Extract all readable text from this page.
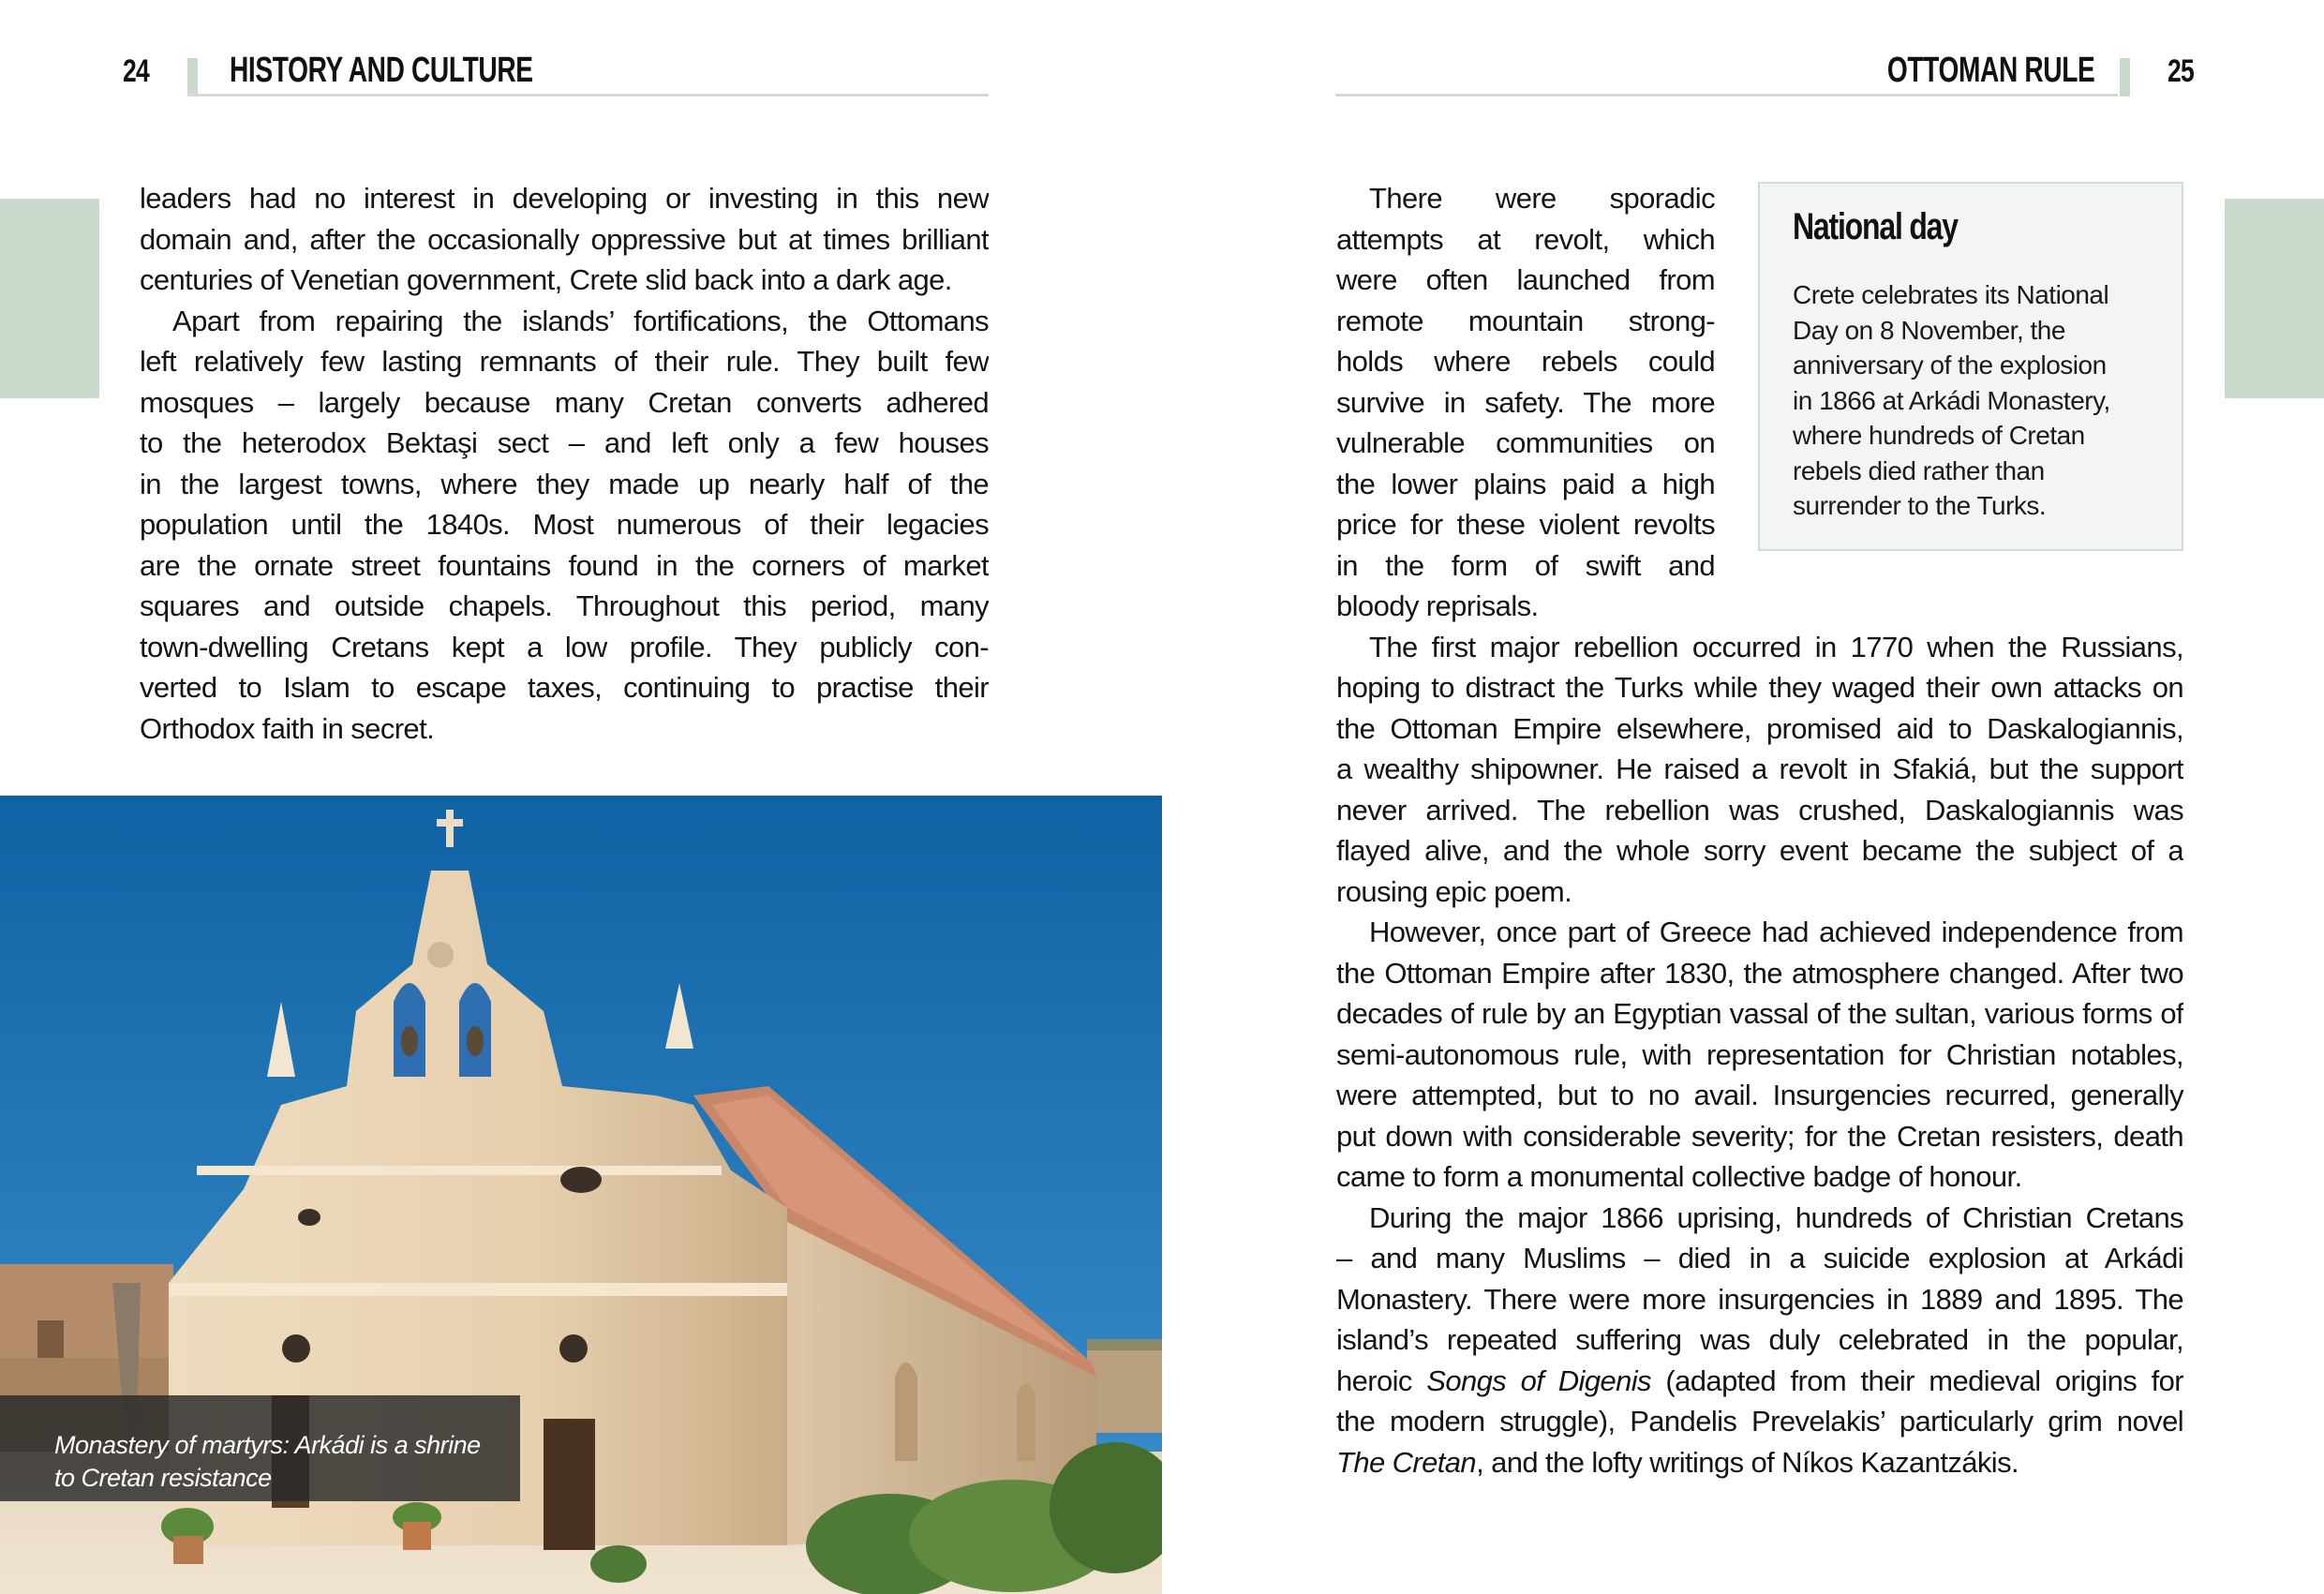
24 HISTORY AND CULTURE
leaders had no interest in developing or investing in this new
domain and, after the occasionally oppressive but at times brilliant
centuries of Venetian government, Crete slid back into a dark age.
Apart from repairing the islands’ fortifications, the Ottomans
left relatively few lasting remnants of their rule. They built few
mosques – largely because many Cretan converts adhered
to the heterodox Bektaşi sect – and left only a few houses
in the largest towns, where they made up nearly half of the
population until the 1840s. Most numerous of their legacies
are the ornate street fountains found in the corners of market
squares and outside chapels. Throughout this period, many
town-dwelling Cretans kept a low profile. They publicly con-
verted to Islam to escape taxes, continuing to practise their
Orthodox faith in secret.
Monastery of martyrs: Arkádi is a shrine
to Cretan resistance
OTTOMAN RULE 25
There were sporadic
attempts at revolt, which
were often launched from
remote mountain strong-
holds where rebels could
survive in safety. The more
vulnerable communities on
the lower plains paid a high
price for these violent revolts
in the form of swift and
bloody reprisals.
The first major rebellion occurred in 1770 when the Russians,
hoping to distract the Turks while they waged their own attacks on
the Ottoman Empire elsewhere, promised aid to Daskalogiannis,
a wealthy shipowner. He raised a revolt in Sfakiá, but the support
never arrived. The rebellion was crushed, Daskalogiannis was
flayed alive, and the whole sorry event became the subject of a
rousing epic poem.
However, once part of Greece had achieved independence from
the Ottoman Empire after 1830, the atmosphere changed. After two
decades of rule by an Egyptian vassal of the sultan, various forms of
semi-autonomous rule, with representation for Christian notables,
were attempted, but to no avail. Insurgencies recurred, generally
put down with considerable severity; for the Cretan resisters, death
came to form a monumental collective badge of honour.
During the major 1866 uprising, hundreds of Christian Cretans
– and many Muslims – died in a suicide explosion at Arkádi
Monastery. There were more insurgencies in 1889 and 1895. The
island’s repeated suffering was duly celebrated in the popular,
heroic Songs of Digenis (adapted from their medieval origins for
the modern struggle), Pandelis Prevelakis’ particularly grim novel
The Cretan, and the lofty writings of Níkos Kazantzákis.
National day
Crete celebrates its National
Day on 8 November, the
anniversary of the explosion
in 1866 at Arkádi Monastery,
where hundreds of Cretan
rebels died rather than
surrender to the Turks.
